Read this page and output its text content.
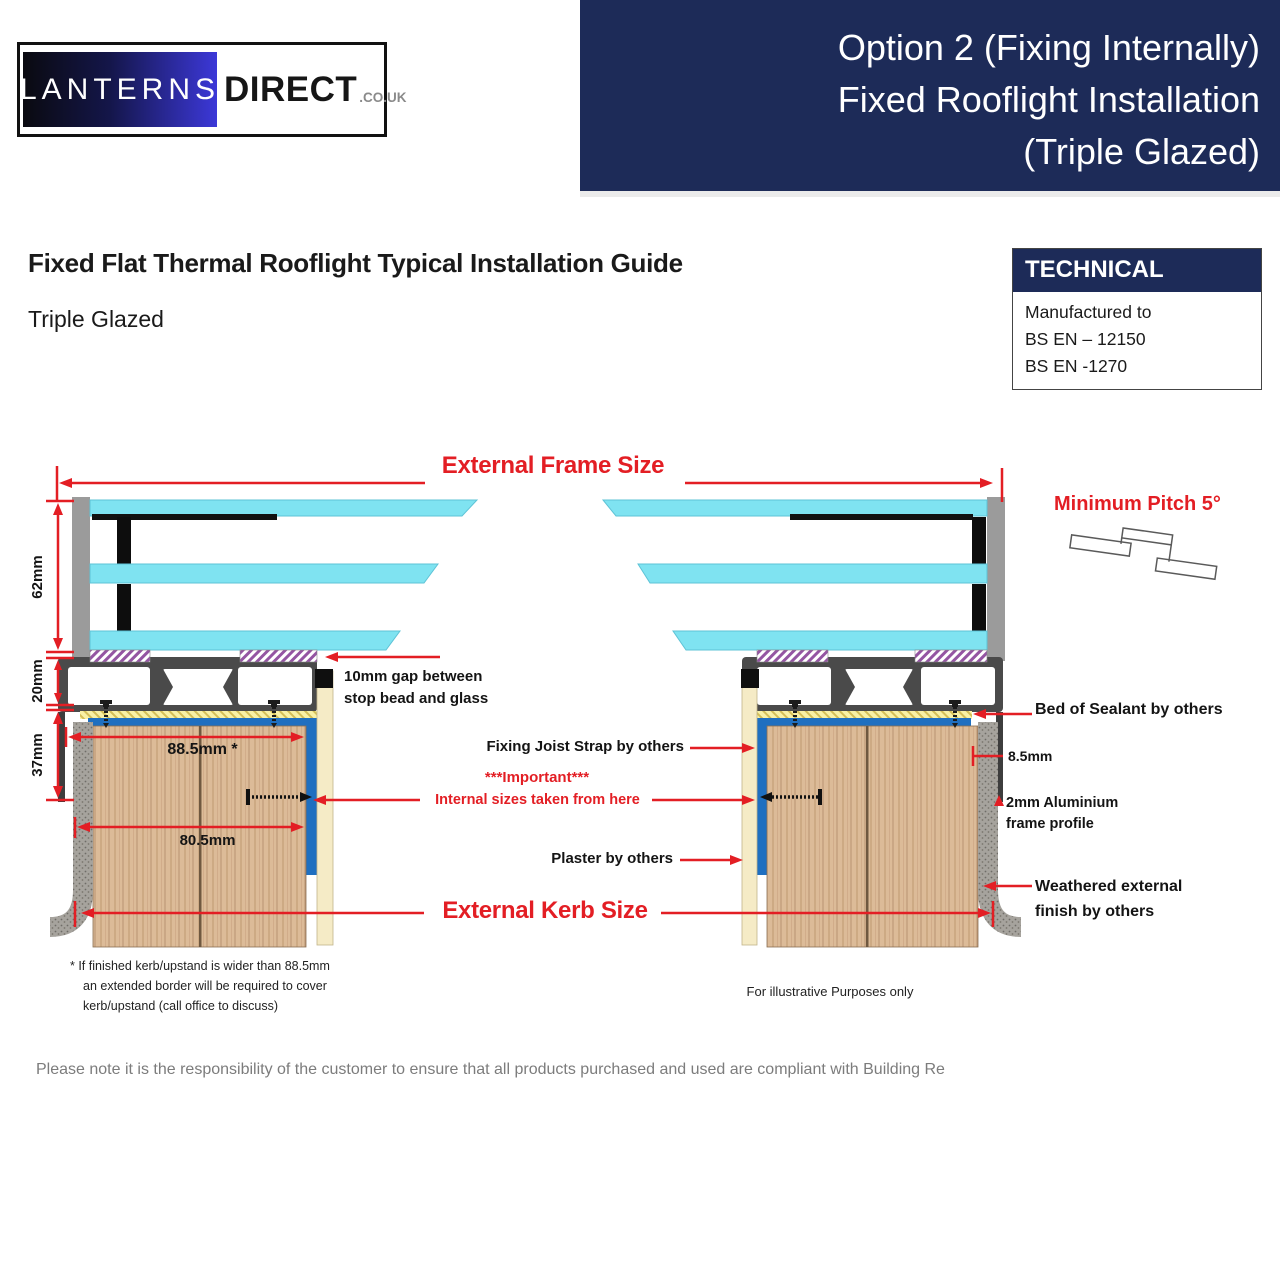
LANTERNS DIRECT .CO.UK
Option 2 (Fixing Internally)
Fixed Rooflight Installation
(Triple Glazed)
Fixed Flat Thermal Rooflight Typical Installation Guide
Triple Glazed
TECHNICAL
Manufactured to
BS EN – 12150
BS EN -1270
External Frame Size
Minimum Pitch 5°
62mm
20mm
37mm	88.5mm *
80.5mm
10mm gap between
stop bead and glass
Fixing Joist Strap by others
***Important***
Internal sizes taken from here
Plaster by others
External Kerb Size
Bed of Sealant by others
8.5mm
2mm Aluminium
frame profile
Weathered external
finish by others
For illustrative Purposes only
* If finished kerb/upstand is wider than 88.5mm
an extended border will be required to cover
kerb/upstand (call office to discuss)
Please note it is the responsibility of the customer to ensure that all products purchased and used are compliant with Building Re
